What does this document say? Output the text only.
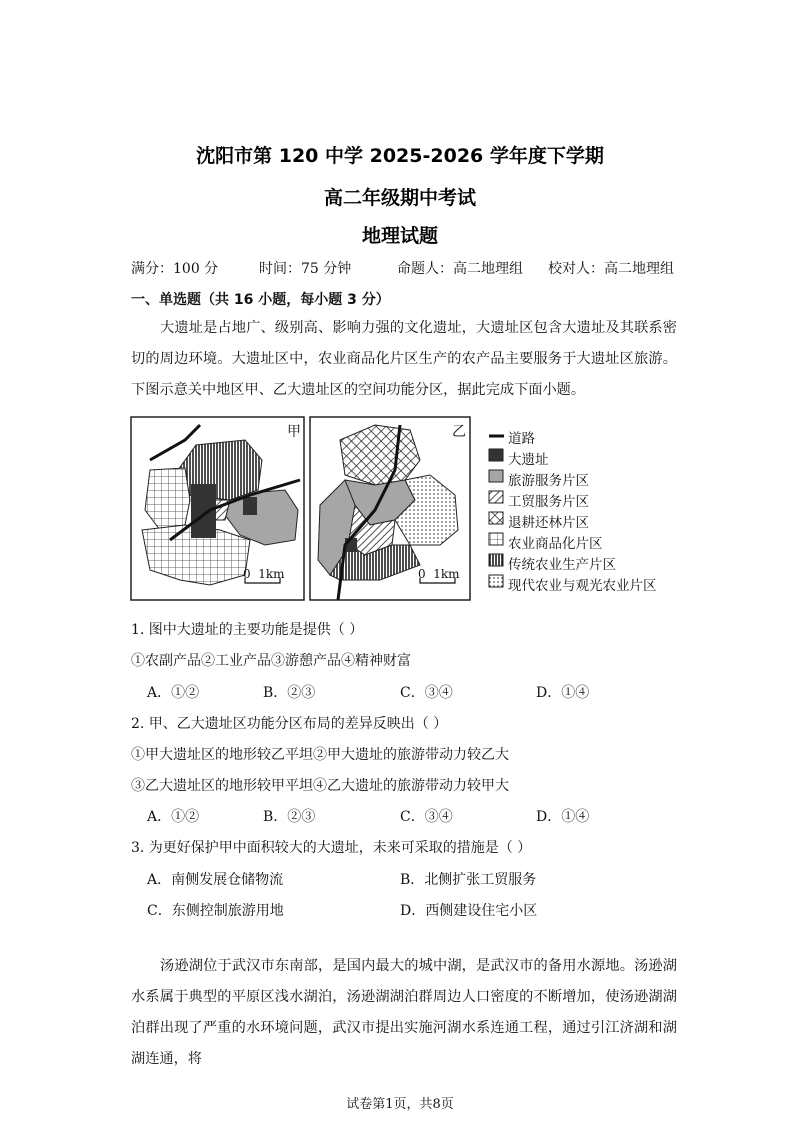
沈阳市第 120 中学 2025-2026 学年度下学期
高二年级期中考试
地理试题
满分：100 分	时间：75 分钟	命题人：高二地理组 校对人：高二地理组
一、单选题（共 16 小题，每小题 3 分）
大遗址是占地广、级别高、影响力强的文化遗址，大遗址区包含大遗址及其联系密切的周边环境。大遗址区中，农业商品化片区生产的农产品主要服务于大遗址区旅游。下图示意关中地区甲、乙大遗址区的空间功能分区，据此完成下面小题。
甲	乙
0  1km	0  1km
道路
大遗址
旅游服务片区
工贸服务片区
退耕还林片区
农业商品化片区
传统农业生产片区
现代农业与观光农业片区
1. 图中大遗址的主要功能是提供（ ）
①农副产品②工业产品③游憩产品④精神财富
A．①②	B．②③	C．③④	D．①④
2. 甲、乙大遗址区功能分区布局的差异反映出（ ）
①甲大遗址区的地形较乙平坦②甲大遗址的旅游带动力较乙大
③乙大遗址区的地形较甲平坦④乙大遗址的旅游带动力较甲大
A．①②	B．②③	C．③④	D．①④
3. 为更好保护甲中面积较大的大遗址，未来可采取的措施是（ ）
A．南侧发展仓储物流	B．北侧扩张工贸服务
C．东侧控制旅游用地	D．西侧建设住宅小区
汤逊湖位于武汉市东南部，是国内最大的城中湖，是武汉市的备用水源地。汤逊湖水系属于典型的平原区浅水湖泊，汤逊湖湖泊群周边人口密度的不断增加，使汤逊湖湖泊群出现了严重的水环境问题，武汉市提出实施河湖水系连通工程，通过引江济湖和湖湖连通，将
试卷第1页，共8页
